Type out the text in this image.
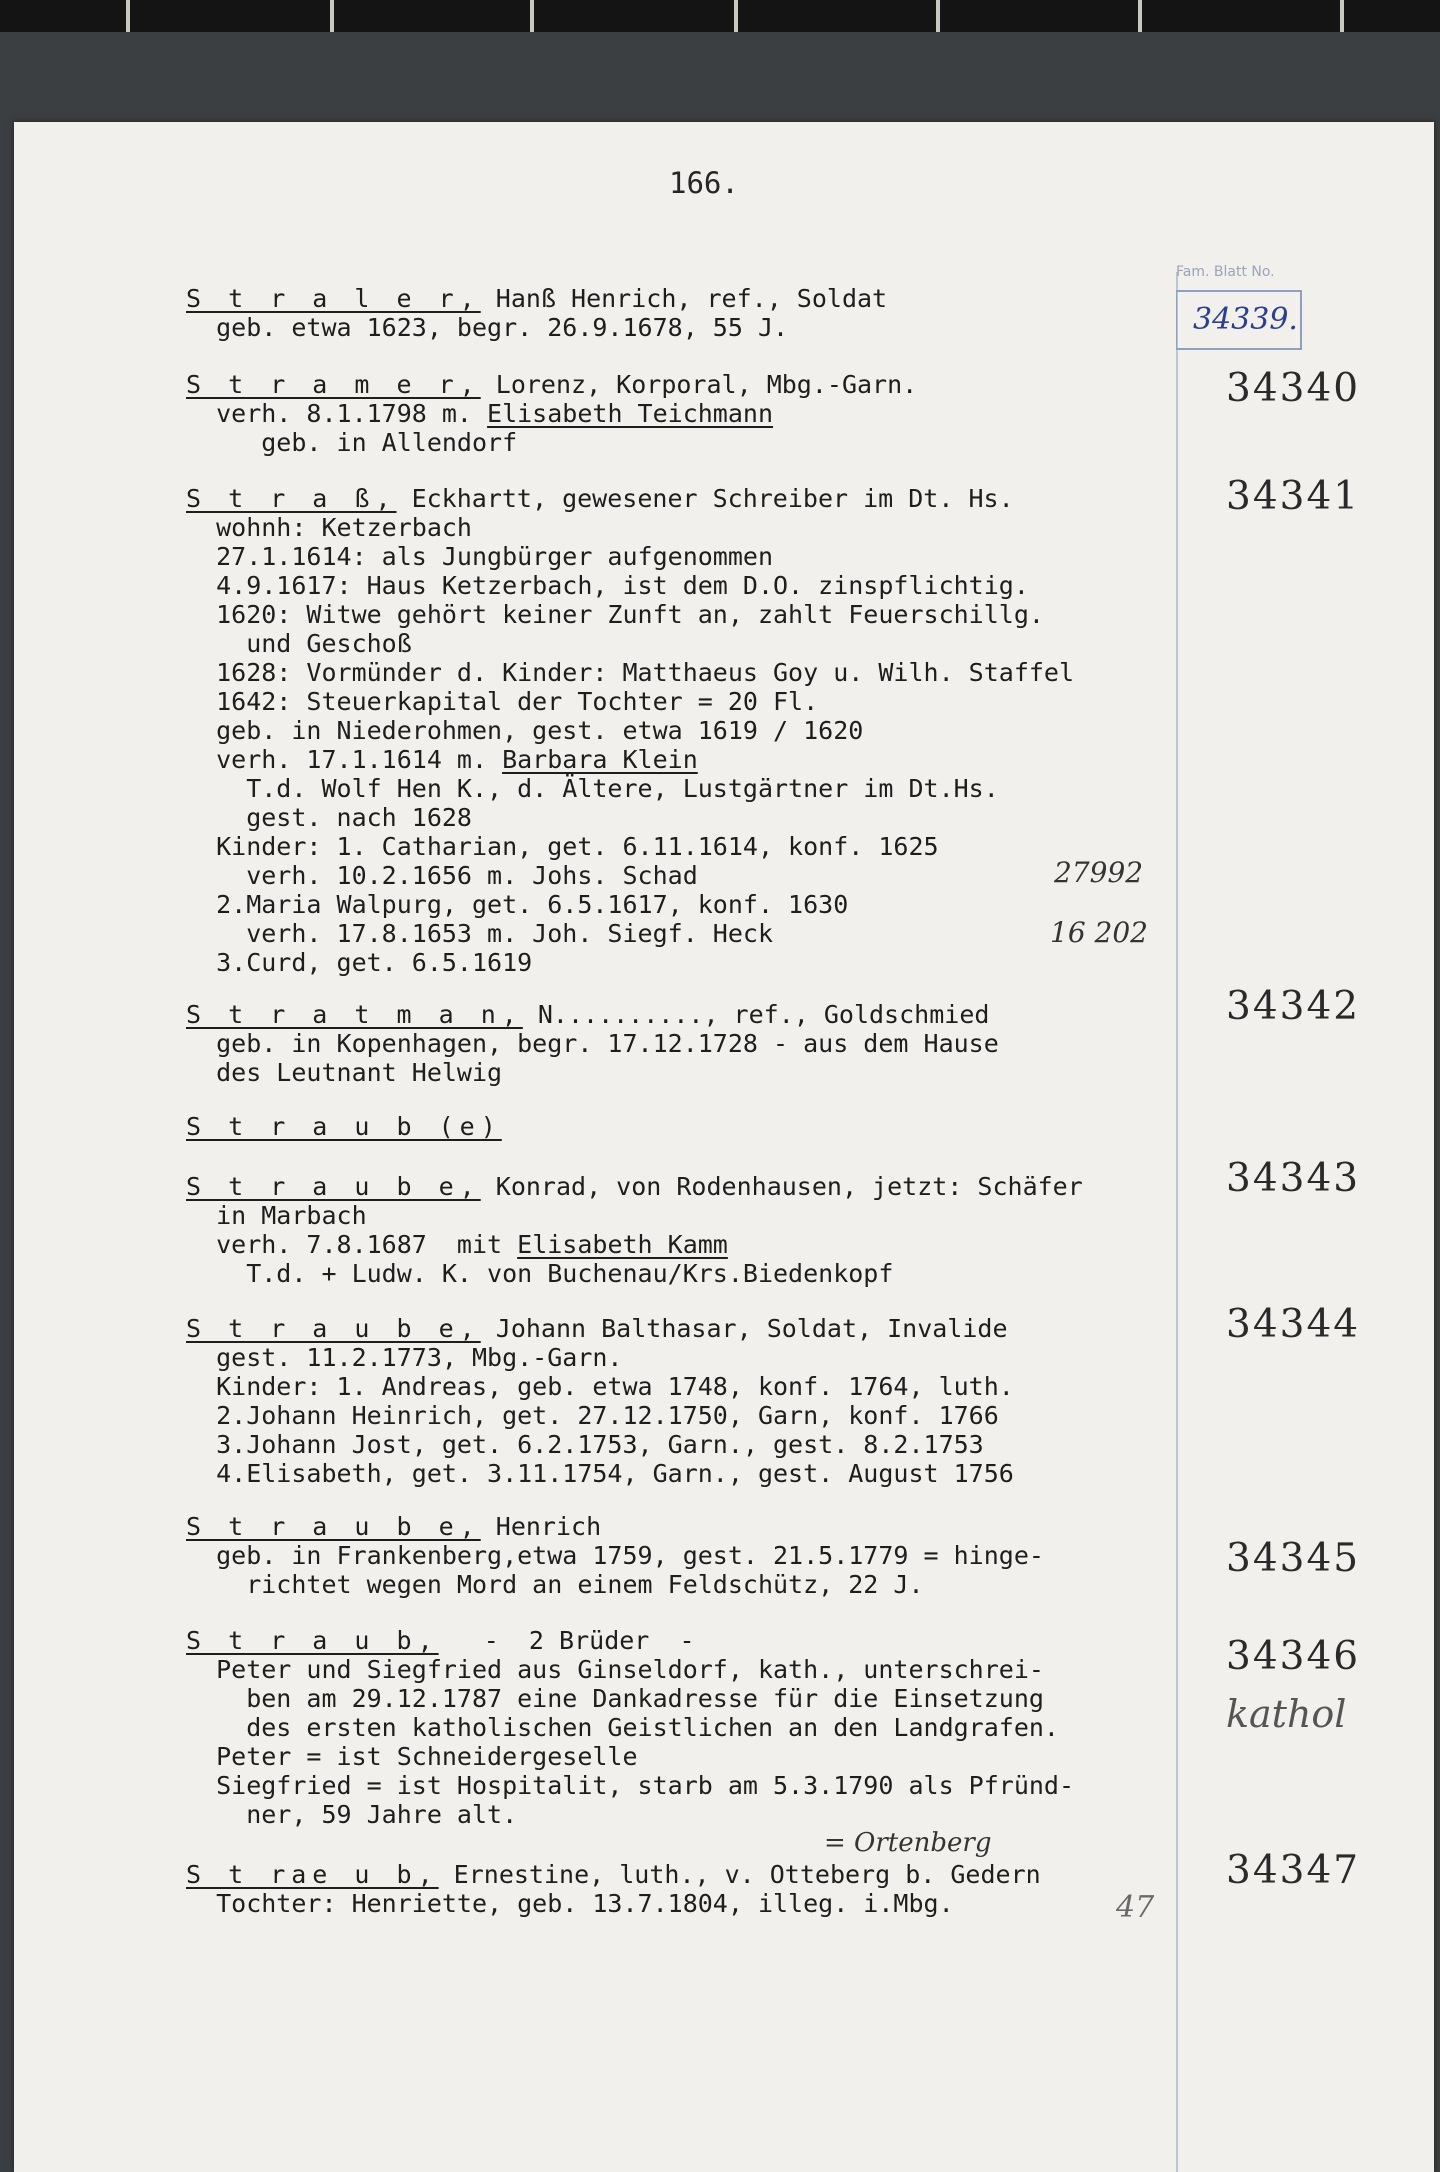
166.
Fam. Blatt No.
34339.
S t r a l e r, Hanß Henrich, ref., Soldat
geb. etwa 1623, begr. 26.9.1678, 55 J.
S t r a m e r, Lorenz, Korporal, Mbg.-Garn.
verh. 8.1.1798 m. Elisabeth Teichmann
geb. in Allendorf
34340
S t r a ß, Eckhartt, gewesener Schreiber im Dt. Hs.
wohnh: Ketzerbach
27.1.1614: als Jungbürger aufgenommen
4.9.1617: Haus Ketzerbach, ist dem D.O. zinspflichtig.
1620: Witwe gehört keiner Zunft an, zahlt Feuerschillg.
und Geschoß
1628: Vormünder d. Kinder: Matthaeus Goy u. Wilh. Staffel
1642: Steuerkapital der Tochter = 20 Fl.
geb. in Niederohmen, gest. etwa 1619 / 1620
verh. 17.1.1614 m. Barbara Klein
T.d. Wolf Hen K., d. Ältere, Lustgärtner im Dt.Hs.
gest. nach 1628
Kinder: 1. Catharian, get. 6.11.1614, konf. 1625
verh. 10.2.1656 m. Johs. Schad
2.Maria Walpurg, get. 6.5.1617, konf. 1630
verh. 17.8.1653 m. Joh. Siegf. Heck
3.Curd, get. 6.5.1619
34341
27992
16 202
S t r a t m a n, N.........., ref., Goldschmied
geb. in Kopenhagen, begr. 17.12.1728 - aus dem Hause
des Leutnant Helwig
34342
S t r a u b (e)
S t r a u b e, Konrad, von Rodenhausen, jetzt: Schäfer
in Marbach
verh. 7.8.1687  mit Elisabeth Kamm
T.d. + Ludw. K. von Buchenau/Krs.Biedenkopf
34343
S t r a u b e, Johann Balthasar, Soldat, Invalide
gest. 11.2.1773, Mbg.-Garn.
Kinder: 1. Andreas, geb. etwa 1748, konf. 1764, luth.
2.Johann Heinrich, get. 27.12.1750, Garn, konf. 1766
3.Johann Jost, get. 6.2.1753, Garn., gest. 8.2.1753
4.Elisabeth, get. 3.11.1754, Garn., gest. August 1756
34344
S t r a u b e, Henrich
geb. in Frankenberg,etwa 1759, gest. 21.5.1779 = hinge-
richtet wegen Mord an einem Feldschütz, 22 J.
34345
S t r a u b,   -  2 Brüder  -
Peter und Siegfried aus Ginseldorf, kath., unterschrei-
ben am 29.12.1787 eine Dankadresse für die Einsetzung
des ersten katholischen Geistlichen an den Landgrafen.
Peter = ist Schneidergeselle
Siegfried = ist Hospitalit, starb am 5.3.1790 als Pfründ-
ner, 59 Jahre alt.
34346
kathol
= Ortenberg
S t rae u b, Ernestine, luth., v. Otteberg b. Gedern
Tochter: Henriette, geb. 13.7.1804, illeg. i.Mbg.
34347
47
